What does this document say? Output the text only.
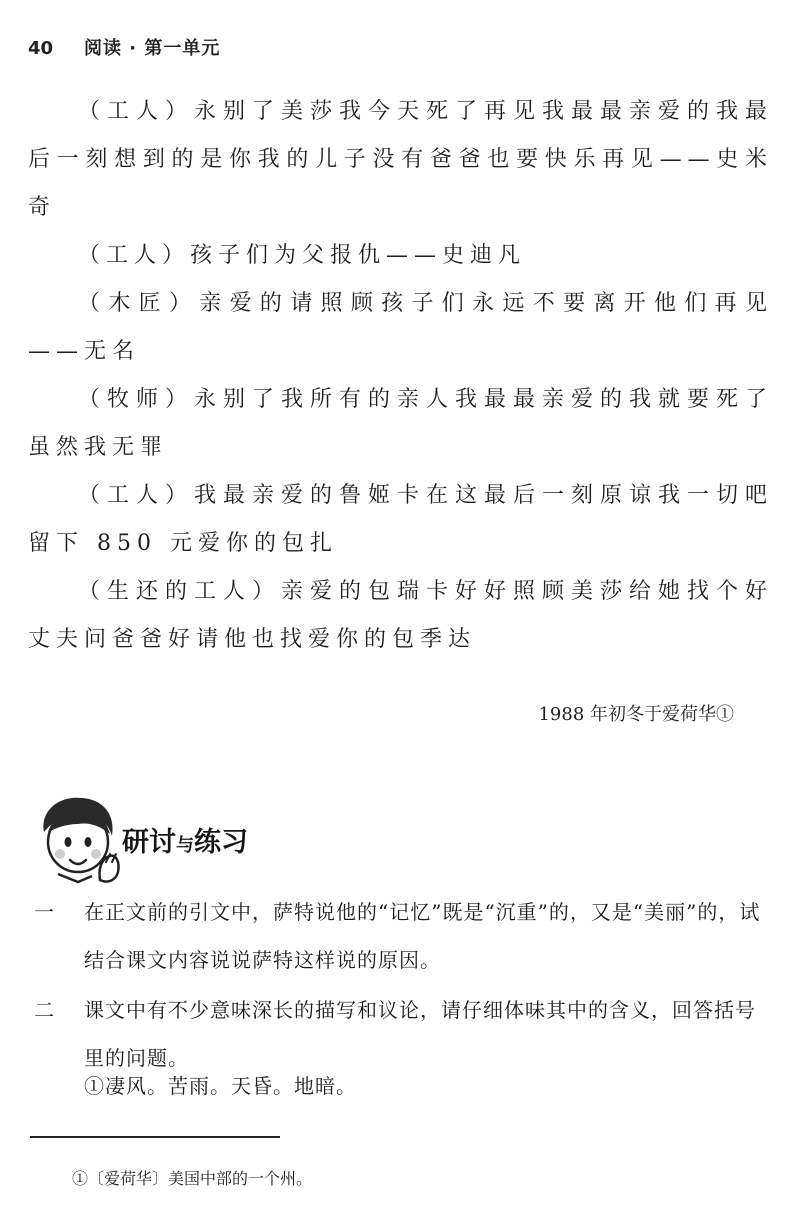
40 阅读 · 第一单元

（工人）永别了美莎我今天死了再见我最最亲爱的我最后一刻想到的是你我的儿子没有爸爸也要快乐再见——史米奇

（工人）孩子们为父报仇——史迪凡

（木匠）亲爱的请照顾孩子们永远不要离开他们再见——无名

（牧师）永别了我所有的亲人我最最亲爱的我就要死了虽然我无罪

（工人）我最亲爱的鲁姬卡在这最后一刻原谅我一切吧留下 850 元爱你的包扎

（生还的工人）亲爱的包瑞卡好好照顾美莎给她找个好丈夫问爸爸好请他也找爱你的包季达

1988 年初冬于爱荷华①
研讨与练习
一 在正文前的引文中，萨特说他的“记忆”既是“沉重”的，又是“美丽”的，试结合课文内容说说萨特这样说的原因。
二 课文中有不少意味深长的描写和议论，请仔细体味其中的含义，回答括号里的问题。
①凄风。苦雨。天昏。地暗。
①〔爱荷华〕美国中部的一个州。
